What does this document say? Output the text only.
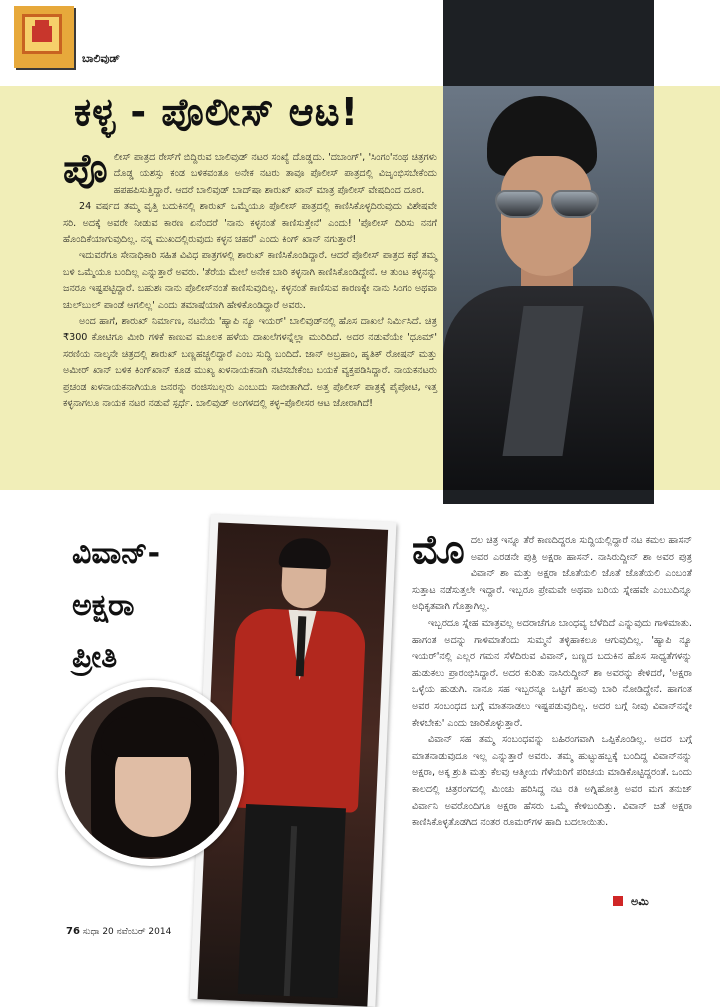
ಬಾಲಿವುಡ್
ಕಳ್ಳ - ಪೊಲೀಸ್ ಆಟ!

ಪೊಲೀಸ್ ಪಾತ್ರದ ರೇಸ್‌ಗೆ ಬಿದ್ದಿರುವ ಬಾಲಿವುಡ್ ನಟರ ಸಂಖ್ಯೆ ದೊಡ್ಡದು. 'ದಬಾಂಗ್', 'ಸಿಂಗಂ'ನಂಥ ಚಿತ್ರಗಳು ದೊಡ್ಡ ಯಶಸ್ಸು ಕಂಡ ಬಳಿಕವಂತೂ ಅನೇಕ ನಟರು ತಾವೂ ಪೊಲೀಸ್ ಪಾತ್ರದಲ್ಲಿ ವಿಜೃಂಭಿಸಬೇಕೆಂದು ಹಪಹಪಿಸುತ್ತಿದ್ದಾರೆ. ಆದರೆ ಬಾಲಿವುಡ್ ಬಾದ್‌ಷಾ ಶಾರುಖ್ ಖಾನ್ ಮಾತ್ರ ಪೊಲೀಸ್ ವೇಷದಿಂದ ದೂರ.

24 ವರ್ಷದ ತಮ್ಮ ವೃತ್ತಿ ಬದುಕಿನಲ್ಲಿ ಶಾರುಖ್ ಒಮ್ಮೆಯೂ ಪೊಲೀಸ್ ಪಾತ್ರದಲ್ಲಿ ಕಾಣಿಸಿಕೊಳ್ಳದಿರುವುದು ವಿಶೇಷವೇ ಸರಿ. ಅದಕ್ಕೆ ಅವರೇ ನೀಡುವ ಕಾರಣ ಏನೆಂದರೆ 'ನಾನು ಕಳ್ಳನಂತೆ ಕಾಣಿಸುತ್ತೇನೆ' ಎಂದು! 'ಪೊಲೀಸ್ ದಿರಿಸು ನನಗೆ ಹೊಂದಿಕೆಯಾಗುವುದಿಲ್ಲ. ನನ್ನ ಮುಖದಲ್ಲಿರುವುದು ಕಳ್ಳನ ಚಹರೆ' ಎಂದು ಕಿಂಗ್ ಖಾನ್ ನಗುತ್ತಾರೆ!

ಇದುವರೆಗೂ ಸೇನಾಧಿಕಾರಿ ಸಹಿತ ವಿವಿಧ ಪಾತ್ರಗಳಲ್ಲಿ ಶಾರುಖ್ ಕಾಣಿಸಿಕೊಂಡಿದ್ದಾರೆ. ಆದರೆ ಪೊಲೀಸ್ ಪಾತ್ರದ ಕಥೆ ತಮ್ಮ ಬಳಿ ಒಮ್ಮೆಯೂ ಬಂದಿಲ್ಲ ಎನ್ನುತ್ತಾರೆ ಅವರು. 'ತೆರೆಯ ಮೇಲೆ ಅನೇಕ ಬಾರಿ ಕಳ್ಳನಾಗಿ ಕಾಣಿಸಿಕೊಂಡಿದ್ದೇನೆ. ಆ ತುಂಟ ಕಳ್ಳನನ್ನು ಜನರೂ ಇಷ್ಟಪಟ್ಟಿದ್ದಾರೆ. ಬಹುಶಃ ನಾನು ಪೊಲೀಸ್‌ನಂತೆ ಕಾಣಿಸುವುದಿಲ್ಲ. ಕಳ್ಳನಂತೆ ಕಾಣಿಸುವ ಕಾರಣಕ್ಕೇ ನಾನು ಸಿಂಗಂ ಅಥವಾ ಚುಲ್‌ಬುಲ್ ಪಾಂಡೆ ಆಗಲಿಲ್ಲ' ಎಂದು ತಮಾಷೆಯಾಗಿ ಹೇಳಿಕೊಂಡಿದ್ದಾರೆ ಅವರು.

ಅಂದ ಹಾಗೆ, ಶಾರುಖ್ ನಿರ್ಮಾಣ, ನಟನೆಯ 'ಹ್ಯಾಪಿ ನ್ಯೂ ಇಯರ್' ಬಾಲಿವುಡ್‌ನಲ್ಲಿ ಹೊಸ ದಾಖಲೆ ನಿರ್ಮಿಸಿದೆ. ಚಿತ್ರ ₹300 ಕೋಟಿಗೂ ಮೀರಿ ಗಳಿಕೆ ಕಾಣುವ ಮೂಲಕ ಹಳೆಯ ದಾಖಲೆಗಳನ್ನೆಲ್ಲಾ ಮುರಿದಿದೆ. ಅದರ ನಡುವೆಯೇ 'ಧೂಮ್' ಸರಣಿಯ ನಾಲ್ಕನೇ ಚಿತ್ರದಲ್ಲಿ ಶಾರುಖ್ ಬಣ್ಣಹಚ್ಚಲಿದ್ದಾರೆ ಎಂಬ ಸುದ್ದಿ ಬಂದಿದೆ. ಜಾನ್ ಅಬ್ರಹಾಂ, ಹೃತಿಕ್ ರೋಷನ್ ಮತ್ತು ಅಮೀರ್ ಖಾನ್ ಬಳಿಕ ಕಿಂಗ್‌ಖಾನ್ ಕೂಡ ಮುಖ್ಯ ಖಳನಾಯಕನಾಗಿ ನಟಿಸಬೇಕೆಂಬ ಬಯಕೆ ವ್ಯಕ್ತಪಡಿಸಿದ್ದಾರೆ. ನಾಯಕನಟರು ಪ್ರಚಂಡ ಖಳನಾಯಕನಾಗಿಯೂ ಜನರನ್ನು ರಂಜಿಸಬಲ್ಲರು ಎಂಬುದು ಸಾಬೀತಾಗಿದೆ. ಅತ್ತ ಪೊಲೀಸ್ ಪಾತ್ರಕ್ಕೆ ಪೈಪೋಟಿ, ಇತ್ತ ಕಳ್ಳನಾಗಲೂ ನಾಯಕ ನಟರ ನಡುವೆ ಸ್ಪರ್ಧೆ. ಬಾಲಿವುಡ್ ಅಂಗಳದಲ್ಲಿ ಕಳ್ಳ–ಪೊಲೀಸರ ಆಟ ಜೋರಾಗಿದೆ!

ವಿವಾನ್-
ಅಕ್ಷರಾ
ಪ್ರೀತಿ

ಮೊದಲ ಚಿತ್ರ ಇನ್ನೂ ತೆರೆ ಕಾಣದಿದ್ದರೂ ಸುದ್ದಿಯಲ್ಲಿದ್ದಾರೆ ನಟ ಕಮಲ ಹಾಸನ್ ಅವರ ಎರಡನೇ ಪುತ್ರಿ ಅಕ್ಷರಾ ಹಾಸನ್. ನಾಸಿರುದ್ದೀನ್ ಶಾ ಅವರ ಪುತ್ರ ವಿವಾನ್ ಶಾ ಮತ್ತು ಅಕ್ಷರಾ ಜೊತೆಯಲಿ ಜೊತೆ ಜೊತೆಯಲಿ ಎಂಬಂತೆ ಸುತ್ತಾಟ ನಡೆಸುತ್ತಲೇ ಇದ್ದಾರೆ. ಇಬ್ಬರೂ ಪ್ರೇಮವೇ ಅಥವಾ ಬರಿಯ ಸ್ನೇಹವೇ ಎಂಬುದಿನ್ನೂ ಅಧಿಕೃತವಾಗಿ ಗೊತ್ತಾಗಿಲ್ಲ.

ಇಬ್ಬರದೂ ಸ್ನೇಹ ಮಾತ್ರವಲ್ಲ ಅದರಾಚೆಗೂ ಬಾಂಧವ್ಯ ಬೆಳೆದಿದೆ ಎನ್ನುವುದು ಗಾಳಿಮಾತು. ಹಾಗಂತ ಅದನ್ನು ಗಾಳಿಮಾತೆಂದು ಸುಮ್ಮನೆ ತಳ್ಳಿಹಾಕಲೂ ಆಗುವುದಿಲ್ಲ. 'ಹ್ಯಾಪಿ ನ್ಯೂ ಇಯರ್'ನಲ್ಲಿ ಎಲ್ಲರ ಗಮನ ಸೆಳೆದಿರುವ ವಿವಾನ್, ಬಣ್ಣದ ಬದುಕಿನ ಹೊಸ ಸಾಧ್ಯತೆಗಳನ್ನು ಹುಡುಕಲು ಪ್ರಾರಂಭಿಸಿದ್ದಾರೆ. ಅದರ ಕುರಿತು ನಾಸಿರುದ್ದೀನ್ ಶಾ ಅವರನ್ನು ಕೇಳಿದರೆ, 'ಅಕ್ಷರಾ ಒಳ್ಳೆಯ ಹುಡುಗಿ. ನಾನೂ ಸಹ ಇಬ್ಬರನ್ನೂ ಒಟ್ಟಿಗೆ ಹಲವು ಬಾರಿ ನೋಡಿದ್ದೇನೆ. ಹಾಗಂತ ಅವರ ಸಂಬಂಧದ ಬಗ್ಗೆ ಮಾತನಾಡಲು ಇಷ್ಟಪಡುವುದಿಲ್ಲ. ಅದರ ಬಗ್ಗೆ ನೀವು ವಿವಾನ್‌ನನ್ನೇ ಕೇಳಬೇಕು' ಎಂದು ಜಾರಿಕೊಳ್ಳುತ್ತಾರೆ.

ವಿವಾನ್ ಸಹ ತಮ್ಮ ಸಂಬಂಧವನ್ನು ಬಹಿರಂಗವಾಗಿ ಒಪ್ಪಿಕೊಂಡಿಲ್ಲ. ಅದರ ಬಗ್ಗೆ ಮಾತನಾಡುವುದೂ ಇಲ್ಲ ಎನ್ನುತ್ತಾರೆ ಅವರು. ತಮ್ಮ ಹುಟ್ಟುಹಬ್ಬಕ್ಕೆ ಬಂದಿದ್ದ ವಿವಾನ್‌ನನ್ನು ಅಕ್ಷರಾ, ಅಕ್ಕ ಶ್ರುತಿ ಮತ್ತು ಕೆಲವು ಆತ್ಮೀಯ ಗೆಳೆಯರಿಗೆ ಪರಿಚಯ ಮಾಡಿಕೊಟ್ಟಿದ್ದರಂತೆ. ಒಂದು ಕಾಲದಲ್ಲಿ ಚಿತ್ರರಂಗದಲ್ಲಿ ಮಿಂಚು ಹರಿಸಿದ್ದ ನಟ ರತಿ ಅಗ್ನಿಹೋತ್ರಿ ಅವರ ಮಗ ತನುಜ್ ವಿರ್ವಾನಿ ಅವರೊಂದಿಗೂ ಅಕ್ಷರಾ ಹೆಸರು ಒಮ್ಮೆ ಕೇಳಿಬಂದಿತ್ತು. ವಿವಾನ್ ಜತೆ ಅಕ್ಷರಾ ಕಾಣಿಸಿಕೊಳ್ಳತೊಡಗಿದ ನಂತರ ರೂಮರ್‌ಗಳ ಹಾದಿ ಬದಲಾಯಿತು.

ಅಮಿ
76 ಸುಧಾ 20 ನವೆಂಬರ್ 2014
